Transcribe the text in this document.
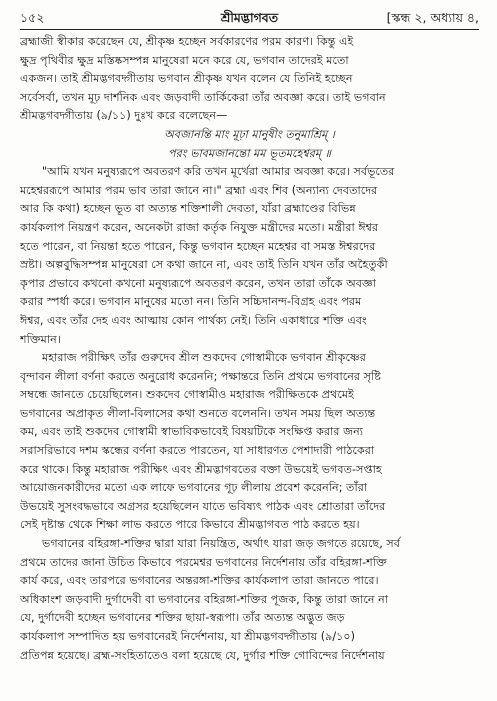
১৫২	শ্রীমদ্ভাগবত	[স্কন্ধ ২, অধ্যায় ৪,
ব্রহ্মাজী স্বীকার করেছেন যে, শ্রীকৃষ্ণ হচ্ছেন সর্বকারণের পরম কারণ। কিন্তু এই
ক্ষুদ্র পৃথিবীর ক্ষুদ্র মস্তিষ্কসম্পন্ন মানুষেরা মনে করে যে, ভগবান তাদেরই মতো
একজন। তাই শ্রীমদ্ভগবদ্গীতায় ভগবান শ্রীকৃষ্ণ যখন বলেন যে তিনিই হচ্ছেন
সর্বেসর্বা, তখন মূঢ় দার্শনিক এবং জড়বাদী তার্কিকেরা তাঁর অবজ্ঞা করে। তাই ভগবান
শ্রীমদ্ভগবদ্গীতায় (৯/১১) দুঃখ করে বলেছেন—
অবজানন্তি মাং মূঢ়া মানুষীং তনুমাশ্রিম্ ।
পরং ভাবমজানন্তো মম ভূতমহেশ্বরম্ ॥
"আমি যখন মনুষ্যরূপে অবতরণ করি তখন মূর্খেরা আমার অবজ্ঞা করে। সর্বভূতের
মহেশ্বররূপে আমার পরম ভাব তারা জানে না।" ব্রহ্মা এবং শিব (অন্যান্য দেবতাদের
আর কি কথা) হচ্ছেন ভূত বা অত্যন্ত শক্তিশালী দেবতা, যাঁরা ব্রহ্মাণ্ডের বিভিন্ন
কার্যকলাপ নিয়ন্ত্রণ করেন, অনেকটা রাজা কর্তৃক নিযুক্ত মন্ত্রীদের মতো। মন্ত্রীরা ঈশ্বর
হতে পারেন, বা নিয়ন্তা হতে পারেন, কিন্তু ভগবান হচ্ছেন মহেশ্বর বা সমস্ত ঈশ্বরদের
স্রষ্টা। অল্পবুদ্ধিসম্পন্ন মানুষেরা সে কথা জানে না, এবং তাই তিনি যখন তাঁর অহৈতুকী
কৃপার প্রভাবে কখনো কখনো মনুষ্যরূপে অবতরণ করেন, তখন তারা তাঁকে অবজ্ঞা
করার স্পর্ধা করে। ভগবান মানুষের মতো নন। তিনি সচ্চিদানন্দ-বিগ্রহ এবং পরম
ঈশ্বর, এবং তাঁর দেহ এবং আত্মায় কোন পার্থক্য নেই। তিনি একাধারে শক্তি এবং
শক্তিমান।
মহারাজ পরীক্ষিৎ তাঁর গুরুদেব শ্রীল শুকদেব গোস্বামীকে ভগবান শ্রীকৃষ্ণের
বৃন্দাবন লীলা বর্ণনা করতে অনুরোধ করেননি; পক্ষান্তরে তিনি প্রথমে ভগবানের সৃষ্টি
সম্বন্ধে জানতে চেয়েছিলেন। শুকদেব গোস্বামীও মহারাজ পরীক্ষিতকে প্রথমেই
ভগবানের অপ্রাকৃত লীলা-বিলাসের কথা শুনতে বলেননি। তখন সময় ছিল অত্যন্ত
কম, এবং তাই শুকদেব গোস্বামী স্বাভাবিকভাবেই বিষয়টিকে সংক্ষিপ্ত করার জন্য
সরাসরিভাবে দশম স্কন্ধের বর্ণনা করতে পারতেন, যা সাধারণত পেশাদারী পাঠকেরা
করে থাকে। কিন্তু মহারাজ পরীক্ষিৎ এবং শ্রীমদ্ভাগবতের বক্তা উভয়েই ভগবত-সপ্তাহ
আয়োজনকারীদের মতো এক লাফে ভগবানের গূঢ় লীলায় প্রবেশ করেননি; তাঁরা
উভয়েই সুসংবদ্ধভাবে অগ্রসর হয়েছিলেন যাতে ভবিষ্যৎ পাঠক এবং শ্রোতারা তাঁদের
সেই দৃষ্টান্ত থেকে শিক্ষা লাভ করতে পারে কিভাবে শ্রীমদ্ভাগবত পাঠ করতে হয়।
ভগবানের বহিরঙ্গা-শক্তির দ্বারা যারা নিয়ন্ত্রিত, অর্থাৎ যারা জড় জগতে রয়েছে, সর্ব
প্রথমে তাদের জানা উচিত কিভাবে পরমেশ্বর ভগবানের নির্দেশনায় তাঁর বহিরঙ্গা-শক্তি
কার্য করে, এবং তারপরে ভগবানের অন্তরঙ্গা-শক্তির কার্যকলাপ তারা জানতে পারে।
অধিকাংশ জড়বাদী দুর্গাদেবী বা ভগবানের বহিরঙ্গা-শক্তির পূজক, কিন্তু তারা জানে না
যে, দুর্গাদেবী হচ্ছেন ভগবানের শক্তির ছায়া-স্বরূপা। তাঁর অত্যন্ত অদ্ভুত জড়
কার্যকলাপ সম্পাদিত হয় ভগবানেরই নির্দেশনায়, যা শ্রীমদ্ভগবদ্গীতায় (৯/১০)
প্রতিপন্ন হয়েছে। ব্রহ্ম-সংহিতাতেও বলা হয়েছে যে, দুর্গার শক্তি গোবিন্দের নির্দেশনায়
